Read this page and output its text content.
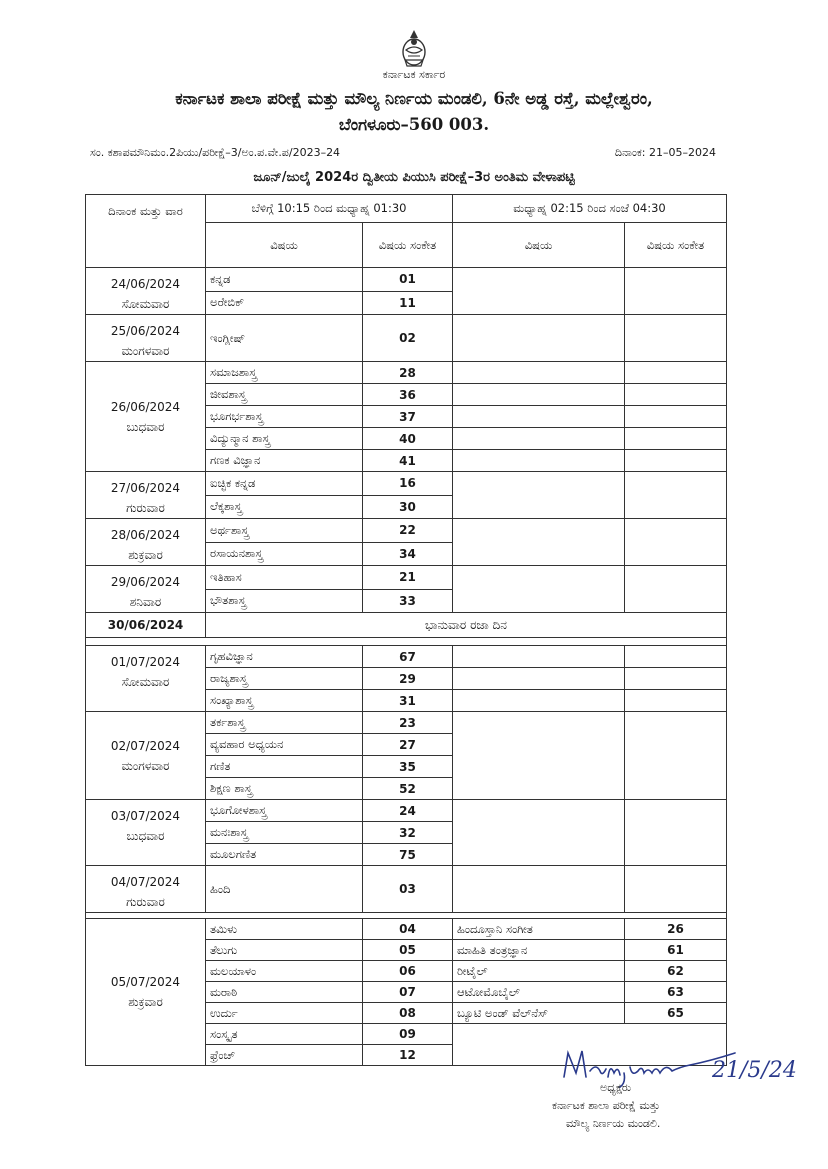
ಕರ್ನಾಟಕ ಸರ್ಕಾರ
ಕರ್ನಾಟಕ ಶಾಲಾ ಪರೀಕ್ಷೆ ಮತ್ತು ಮೌಲ್ಯ ನಿರ್ಣಯ ಮಂಡಲಿ, 6ನೇ ಅಡ್ಡ ರಸ್ತೆ, ಮಲ್ಲೇಶ್ವರಂ,
ಬೆಂಗಳೂರು–560 003.
ಸಂ. ಕಶಾಪಮೌನಿಮಂ.2ಪಿಯು/ಪರೀಕ್ಷೆ–3/ಅಂ.ಪ.ವೇ.ಪ/2023–24	ದಿನಾಂಕ: 21–05–2024
ಜೂನ್/ಜುಲೈ 2024ರ ದ್ವಿತೀಯ ಪಿಯುಸಿ ಪರೀಕ್ಷೆ–3ರ ಅಂತಿಮ ವೇಳಾಪಟ್ಟಿ
ದಿನಾಂಕ ಮತ್ತು ವಾರ	ಬೆಳಿಗ್ಗೆ 10:15 ರಿಂದ ಮಧ್ಯಾಹ್ನ 01:30		ಮಧ್ಯಾಹ್ನ 02:15 ರಿಂದ ಸಂಜೆ 04:30	
	ವಿಷಯ	ವಿಷಯ ಸಂಕೇತ	ವಿಷಯ	ವಿಷಯ ಸಂಕೇತ

24/06/2024
ಸೋಮವಾರ	ಕನ್ನಡ	01		
	ಅರೇಬಿಕ್	11		

25/06/2024
ಮಂಗಳವಾರ	ಇಂಗ್ಲೀಷ್	02		

26/06/2024
ಬುಧವಾರ	ಸಮಾಜಶಾಸ್ತ್ರ	28		
	ಜೀವಶಾಸ್ತ್ರ	36		
	ಭೂಗರ್ಭಶಾಸ್ತ್ರ	37		
	ವಿದ್ಯುನ್ಮಾನ ಶಾಸ್ತ್ರ	40		
	ಗಣಕ ವಿಜ್ಞಾನ	41		

27/06/2024
ಗುರುವಾರ	ಐಚ್ಛಿಕ ಕನ್ನಡ	16		
	ಲೆಕ್ಕಶಾಸ್ತ್ರ	30		

28/06/2024
ಶುಕ್ರವಾರ	ಅರ್ಥಶಾಸ್ತ್ರ	22		
	ರಸಾಯನಶಾಸ್ತ್ರ	34		

29/06/2024
ಶನಿವಾರ	ಇತಿಹಾಸ	21		
	ಭೌತಶಾಸ್ತ್ರ	33		
30/06/2024	ಭಾನುವಾರ ರಜಾ ದಿನ			

01/07/2024
ಸೋಮವಾರ	ಗೃಹವಿಜ್ಞಾನ	67		
	ರಾಜ್ಯಶಾಸ್ತ್ರ	29		
	ಸಂಖ್ಯಾಶಾಸ್ತ್ರ	31		

02/07/2024
ಮಂಗಳವಾರ	ತರ್ಕಶಾಸ್ತ್ರ	23		
	ವ್ಯವಹಾರ ಅಧ್ಯಯನ	27		
	ಗಣಿತ	35		
	ಶಿಕ್ಷಣ ಶಾಸ್ತ್ರ	52		

03/07/2024
ಬುಧವಾರ	ಭೂಗೋಳಶಾಸ್ತ್ರ	24		
	ಮನಃಶಾಸ್ತ್ರ	32		
	ಮೂಲಗಣಿತ	75		

04/07/2024
ಗುರುವಾರ	ಹಿಂದಿ	03		

05/07/2024
ಶುಕ್ರವಾರ	ತಮಿಳು	04	ಹಿಂದೂಸ್ತಾನಿ ಸಂಗೀತ	26
	ತೆಲುಗು	05	ಮಾಹಿತಿ ತಂತ್ರಜ್ಞಾನ	61
	ಮಲಯಾಳಂ	06	ರೀಟೈಲ್	62
	ಮರಾಠಿ	07	ಆಟೋಮೊಬೈಲ್	63
	ಉರ್ದು	08	ಬ್ಯೂಟಿ ಅಂಡ್ ವೆಲ್‌ನೆಸ್	65
	ಸಂಸ್ಕೃತ	09		
	ಫ್ರೆಂಚ್	12		
21/5/24
ಅಧ್ಯಕ್ಷರು
ಕರ್ನಾಟಕ ಶಾಲಾ ಪರೀಕ್ಷೆ ಮತ್ತು
ಮೌಲ್ಯ ನಿರ್ಣಯ ಮಂಡಲಿ.
